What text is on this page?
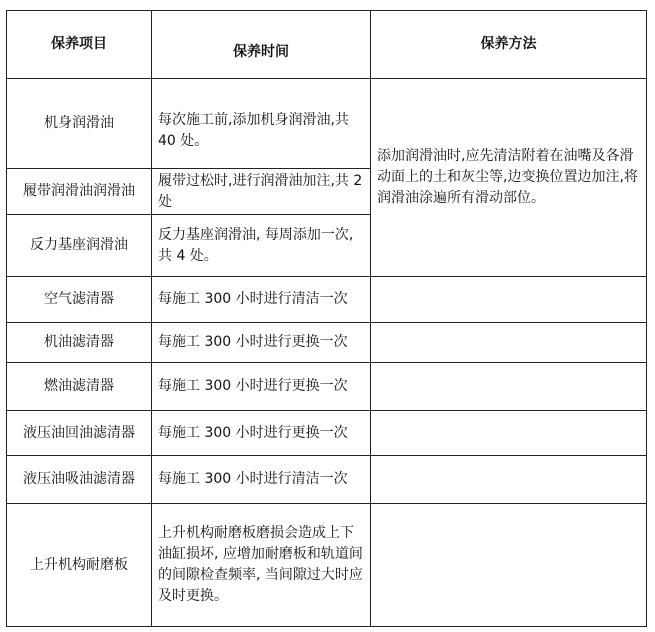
保养项目	保养时间	保养方法
机身润滑油	每次施工前,添加机身润滑油,共 40 处。	添加润滑油时,应先清洁附着在油嘴及各滑动面上的土和灰尘等,边变换位置边加注,将润滑油涂遍所有滑动部位。
履带润滑油润滑油	履带过松时,进行润滑油加注,共 2 处	
反力基座润滑油	反力基座润滑油, 每周添加一次, 共 4 处。	
空气滤清器	每施工 300 小时进行清洁一次	
机油滤清器	每施工 300 小时进行更换一次	
燃油滤清器	每施工 300 小时进行更换一次	
液压油回油滤清器	每施工 300 小时进行更换一次	
液压油吸油滤清器	每施工 300 小时进行清洁一次	
上升机构耐磨板	上升机构耐磨板磨损会造成上下油缸损坏, 应增加耐磨板和轨道间的间隙检查频率, 当间隙过大时应及时更换。	
